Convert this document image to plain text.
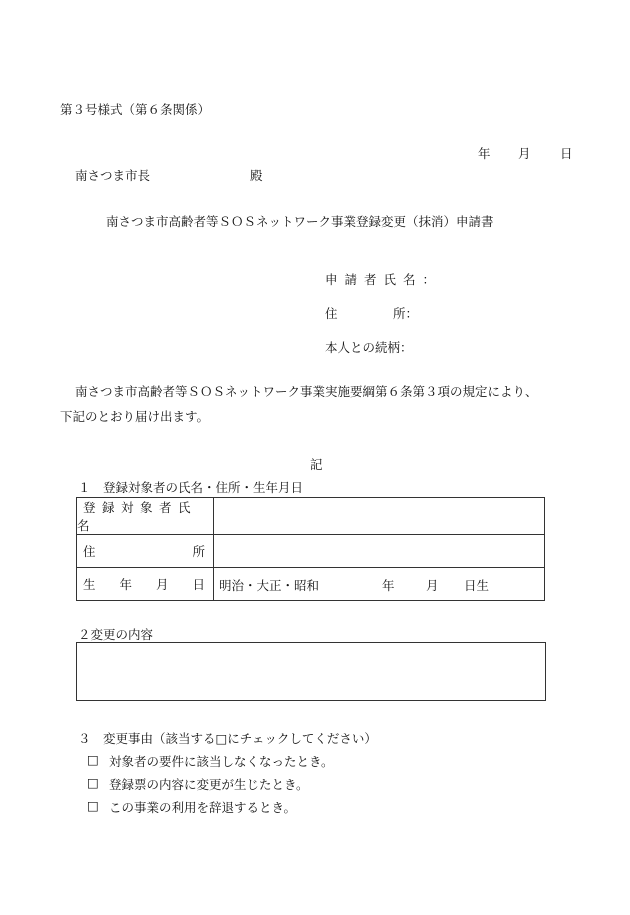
第３号様式（第６条関係）
年 月 日
南さつま市長	殿
南さつま市高齢者等ＳＯＳネットワーク事業登録変更（抹消）申請書
申請者氏名：
住	所：
本人との続柄：
南さつま市高齢者等ＳＯＳネットワーク事業実施要綱第６条第３項の規定により、
下記のとおり届け出ます。
記
１　登録対象者の氏名・住所・生年月日
登録対象者氏名	

住 所	

生 年 月 日	明治・大正・昭和 年 月 日生
２変更の内容
３　変更事由（該当する□にチェックしてください）
□ 対象者の要件に該当しなくなったとき。
□ 登録票の内容に変更が生じたとき。
□ この事業の利用を辞退するとき。
